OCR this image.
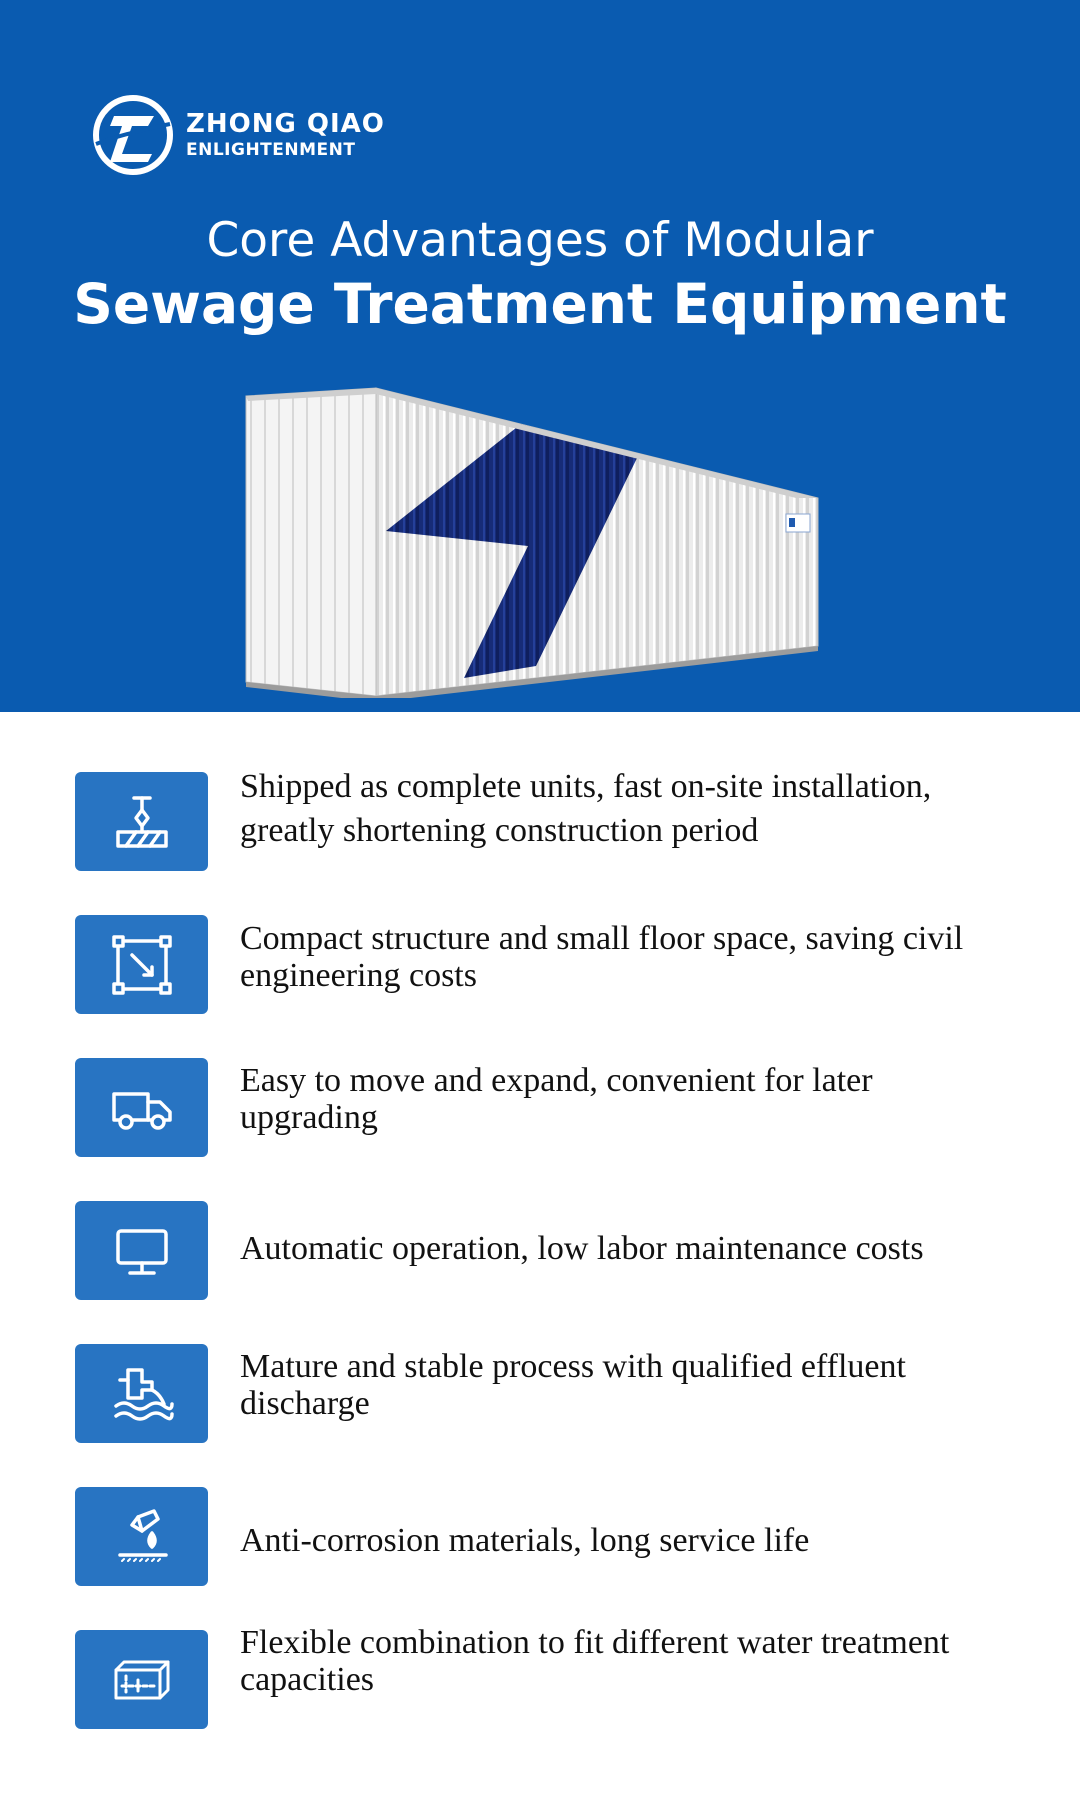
ZHONG QIAO
ENLIGHTENMENT
Core Advantages of Modular
Sewage Treatment Equipment
Shipped as complete units, fast on-site installation, greatly shortening construction period
Compact structure and small floor space, saving civil engineering costs
Easy to move and expand, convenient for later upgrading
Automatic operation, low labor maintenance costs
Mature and stable process with qualified effluent discharge
Anti-corrosion materials, long service life
Flexible combination to fit different water treatment capacities
